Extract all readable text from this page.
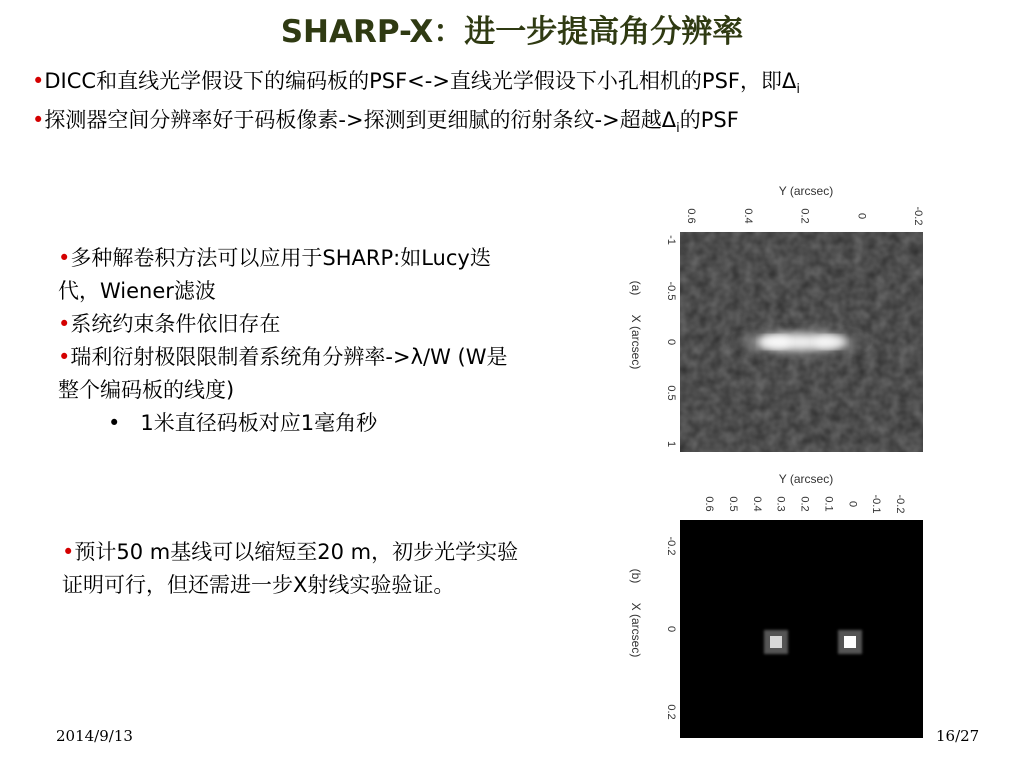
SHARP-X：进一步提高角分辨率

•DICC和直线光学假设下的编码板的PSF<->直线光学假设下小孔相机的PSF，即$\Delta_i$

•探测器空间分辨率好于码板像素->探测到更细腻的衍射条纹->超越$\Delta_i$的PSF

•多种解卷积方法可以应用于SHARP:如Lucy迭代，Wiener滤波

•系统约束条件依旧存在

•瑞利衍射极限限制着系统角分辨率->λ/W (W是整个编码板的线度)

• 1米直径码板对应1毫角秒

•预计50 m基线可以缩短至20 m，初步光学实验证明可行，但还需进一步X射线实验验证。

Y (arcsec)
0.6	0.4	0.2	0	-0.2
-1
-0.5
0
0.5
1
X (arcsec)
(a)
Y (arcsec)
0.6 0.5 0.4 0.3 0.2 0.1 0 -0.1 -0.2
-0.2
0
0.2
X (arcsec)
(b)
2014/9/13	16/27
